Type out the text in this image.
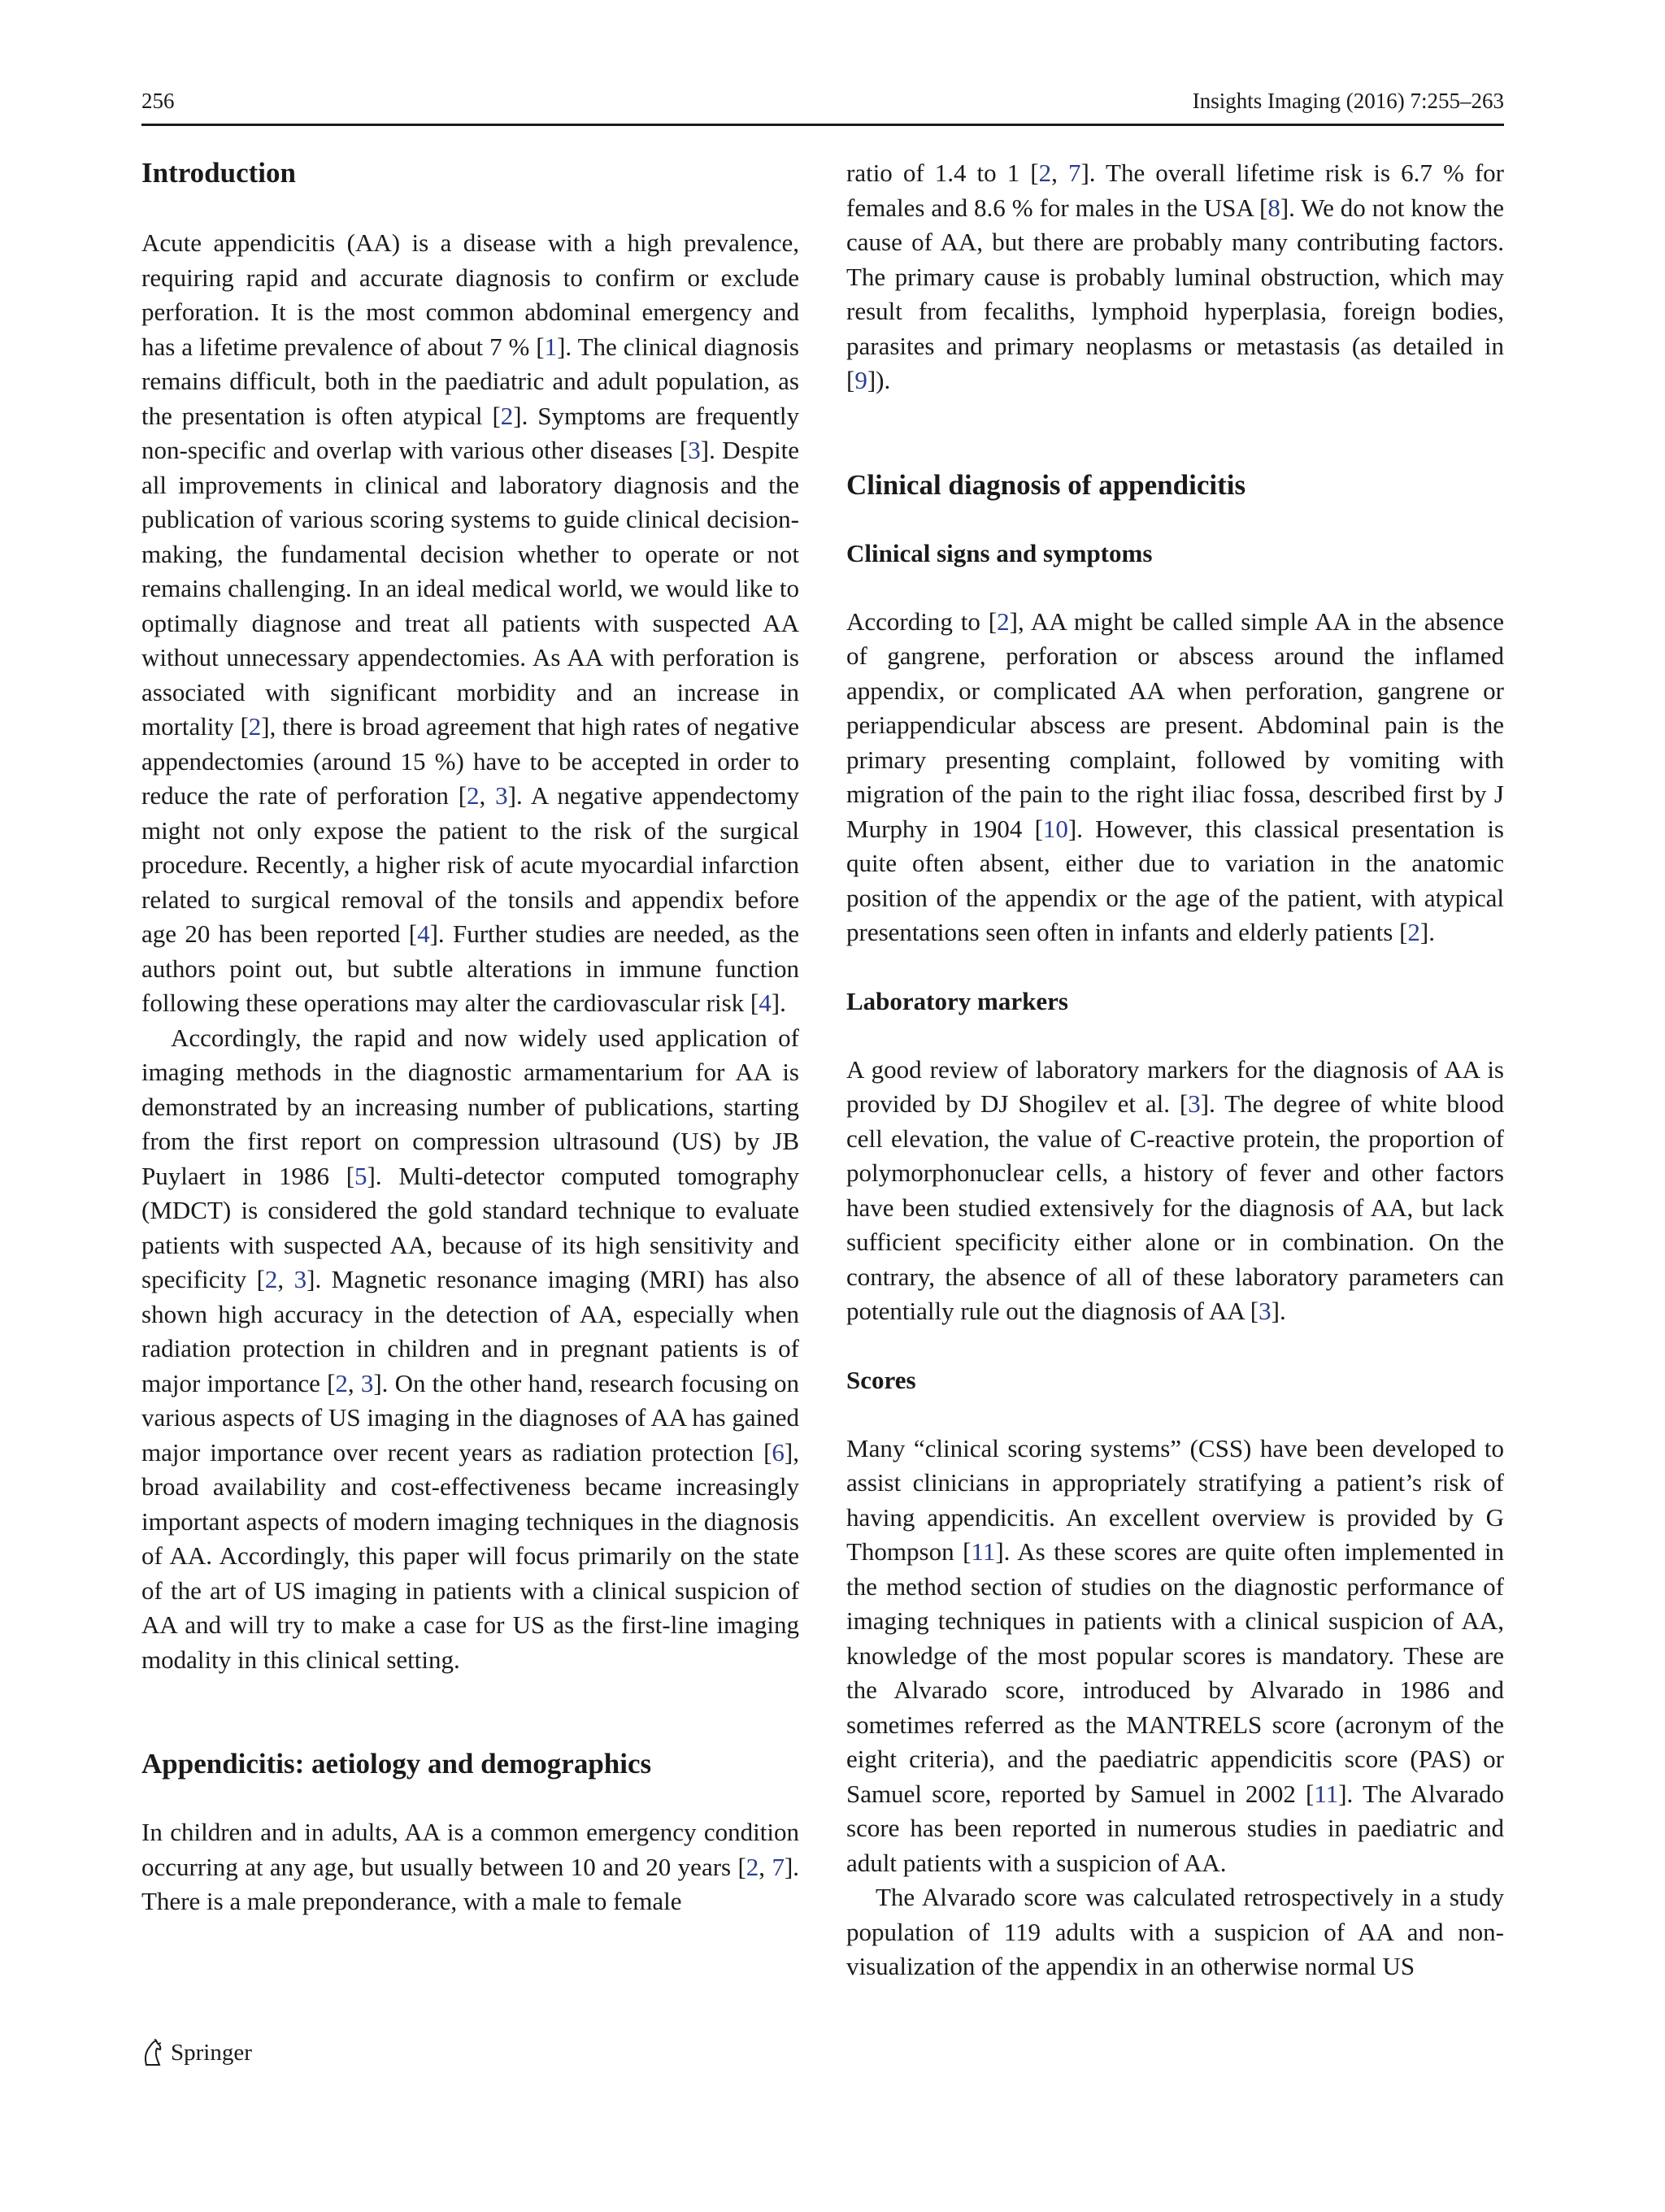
256	Insights Imaging (2016) 7:255–263
Introduction

Acute appendicitis (AA) is a disease with a high prevalence, requiring rapid and accurate diagnosis to confirm or exclude perforation. It is the most common abdominal emergency and has a lifetime prevalence of about 7 % [1]. The clinical diagnosis remains difficult, both in the paediatric and adult population, as the presentation is often atypical [2]. Symptoms are frequently non-specific and overlap with various other diseases [3]. Despite all improvements in clinical and laboratory diagnosis and the publication of various scoring systems to guide clinical decision-making, the fundamental decision whether to operate or not remains challenging. In an ideal medical world, we would like to optimally diagnose and treat all patients with suspected AA without unnecessary appendectomies. As AA with perforation is associated with significant morbidity and an increase in mortality [2], there is broad agreement that high rates of negative appendectomies (around 15 %) have to be accepted in order to reduce the rate of perforation [2, 3]. A negative appendectomy might not only expose the patient to the risk of the surgical procedure. Recently, a higher risk of acute myocardial infarction related to surgical removal of the tonsils and appendix before age 20 has been reported [4]. Further studies are needed, as the authors point out, but subtle alterations in immune function following these operations may alter the cardiovascular risk [4].

Accordingly, the rapid and now widely used application of imaging methods in the diagnostic armamentarium for AA is demonstrated by an increasing number of publications, starting from the first report on compression ultrasound (US) by JB Puylaert in 1986 [5]. Multi-detector computed tomography (MDCT) is considered the gold standard technique to evaluate patients with suspected AA, because of its high sensitivity and specificity [2, 3]. Magnetic resonance imaging (MRI) has also shown high accuracy in the detection of AA, especially when radiation protection in children and in pregnant patients is of major importance [2, 3]. On the other hand, research focusing on various aspects of US imaging in the diagnoses of AA has gained major importance over recent years as radiation protection [6], broad availability and cost-effectiveness became increasingly important aspects of modern imaging techniques in the diagnosis of AA. Accordingly, this paper will focus primarily on the state of the art of US imaging in patients with a clinical suspicion of AA and will try to make a case for US as the first-line imaging modality in this clinical setting.

Appendicitis: aetiology and demographics

In children and in adults, AA is a common emergency condition occurring at any age, but usually between 10 and 20 years [2, 7]. There is a male preponderance, with a male to female

ratio of 1.4 to 1 [2, 7]. The overall lifetime risk is 6.7 % for females and 8.6 % for males in the USA [8]. We do not know the cause of AA, but there are probably many contributing factors. The primary cause is probably luminal obstruction, which may result from fecaliths, lymphoid hyperplasia, foreign bodies, parasites and primary neoplasms or metastasis (as detailed in [9]).

Clinical diagnosis of appendicitis
Clinical signs and symptoms

According to [2], AA might be called simple AA in the absence of gangrene, perforation or abscess around the inflamed appendix, or complicated AA when perforation, gangrene or periappendicular abscess are present. Abdominal pain is the primary presenting complaint, followed by vomiting with migration of the pain to the right iliac fossa, described first by J Murphy in 1904 [10]. However, this classical presentation is quite often absent, either due to variation in the anatomic position of the appendix or the age of the patient, with atypical presentations seen often in infants and elderly patients [2].

Laboratory markers

A good review of laboratory markers for the diagnosis of AA is provided by DJ Shogilev et al. [3]. The degree of white blood cell elevation, the value of C-reactive protein, the proportion of polymorphonuclear cells, a history of fever and other factors have been studied extensively for the diagnosis of AA, but lack sufficient specificity either alone or in combination. On the contrary, the absence of all of these laboratory parameters can potentially rule out the diagnosis of AA [3].

Scores

Many “clinical scoring systems” (CSS) have been developed to assist clinicians in appropriately stratifying a patient’s risk of having appendicitis. An excellent overview is provided by G Thompson [11]. As these scores are quite often implemented in the method section of studies on the diagnostic performance of imaging techniques in patients with a clinical suspicion of AA, knowledge of the most popular scores is mandatory. These are the Alvarado score, introduced by Alvarado in 1986 and sometimes referred as the MANTRELS score (acronym of the eight criteria), and the paediatric appendicitis score (PAS) or Samuel score, reported by Samuel in 2002 [11]. The Alvarado score has been reported in numerous studies in paediatric and adult patients with a suspicion of AA.

The Alvarado score was calculated retrospectively in a study population of 119 adults with a suspicion of AA and non-visualization of the appendix in an otherwise normal US

Springer
